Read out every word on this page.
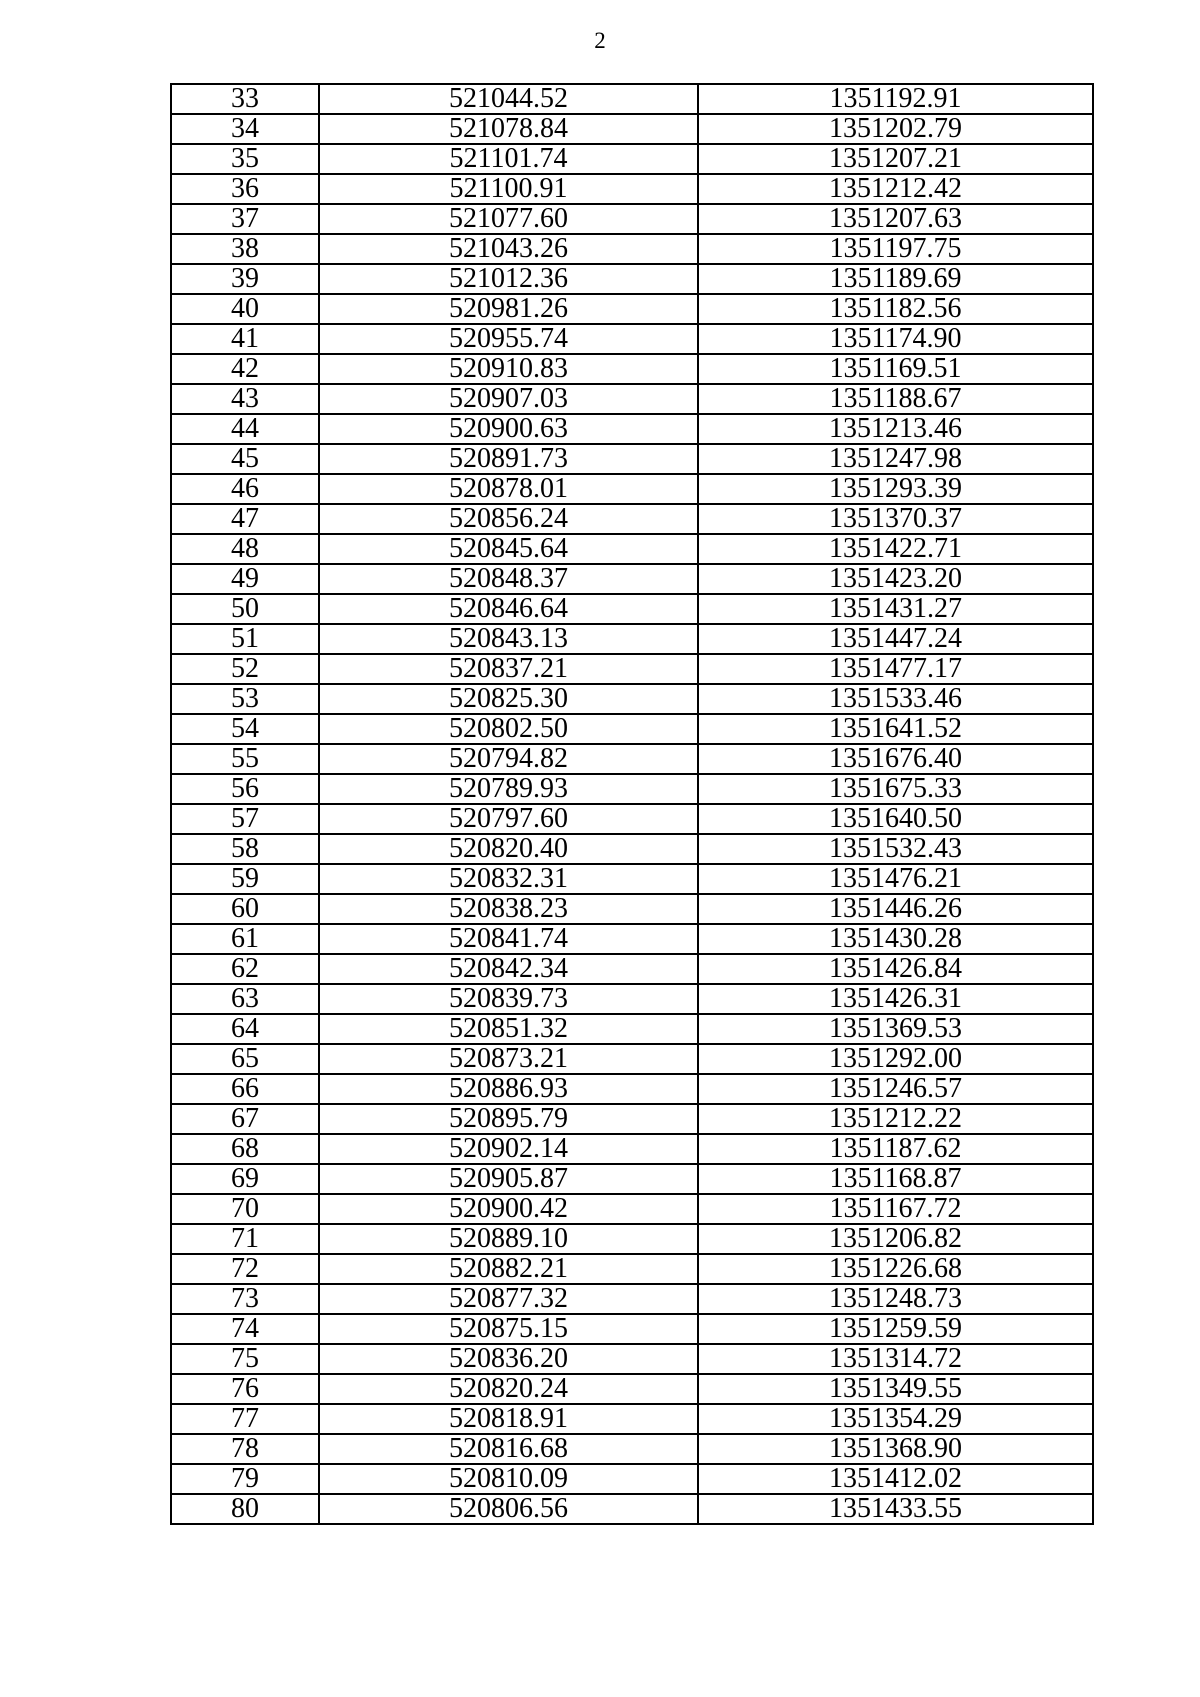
2
33	521044.52	1351192.91
34	521078.84	1351202.79
35	521101.74	1351207.21
36	521100.91	1351212.42
37	521077.60	1351207.63
38	521043.26	1351197.75
39	521012.36	1351189.69
40	520981.26	1351182.56
41	520955.74	1351174.90
42	520910.83	1351169.51
43	520907.03	1351188.67
44	520900.63	1351213.46
45	520891.73	1351247.98
46	520878.01	1351293.39
47	520856.24	1351370.37
48	520845.64	1351422.71
49	520848.37	1351423.20
50	520846.64	1351431.27
51	520843.13	1351447.24
52	520837.21	1351477.17
53	520825.30	1351533.46
54	520802.50	1351641.52
55	520794.82	1351676.40
56	520789.93	1351675.33
57	520797.60	1351640.50
58	520820.40	1351532.43
59	520832.31	1351476.21
60	520838.23	1351446.26
61	520841.74	1351430.28
62	520842.34	1351426.84
63	520839.73	1351426.31
64	520851.32	1351369.53
65	520873.21	1351292.00
66	520886.93	1351246.57
67	520895.79	1351212.22
68	520902.14	1351187.62
69	520905.87	1351168.87
70	520900.42	1351167.72
71	520889.10	1351206.82
72	520882.21	1351226.68
73	520877.32	1351248.73
74	520875.15	1351259.59
75	520836.20	1351314.72
76	520820.24	1351349.55
77	520818.91	1351354.29
78	520816.68	1351368.90
79	520810.09	1351412.02
80	520806.56	1351433.55
